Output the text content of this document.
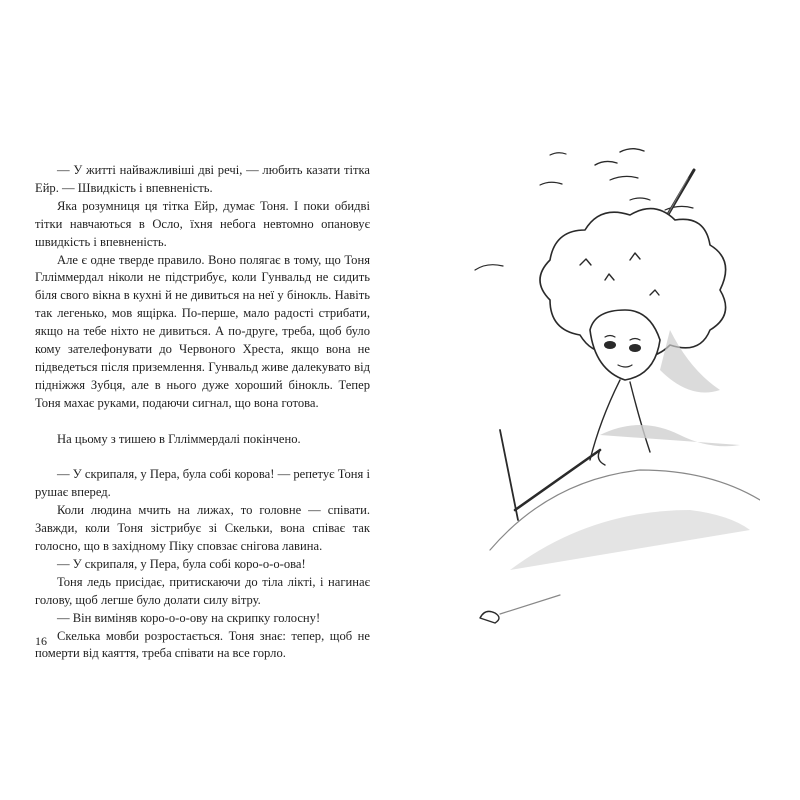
— У житті найважливіші дві речі, — любить казати тітка Ейр. — Швидкість і впевненість.

Яка розумниця ця тітка Ейр, думає Тоня. І поки обидві тітки навчаються в Осло, їхня небога невтомно опановує швидкість і впевненість.

Але є одне тверде правило. Воно полягає в тому, що Тоня Глліммердал ніколи не підстрибує, коли Гунвальд не сидить біля свого вікна в кухні й не дивиться на неї у бінокль. Навіть так легенько, мов ящірка. По-перше, мало радості стрибати, якщо на тебе ніхто не дивиться. А по-друге, треба, щоб було кому зателефонувати до Червоного Хреста, якщо вона не підведеться після приземлення. Гунвальд живе далекувато від підніжжя Зубця, але в нього дуже хороший бінокль. Тепер Тоня махає руками, подаючи сигнал, що вона готова.

На цьому з тишею в Глліммердалі покінчено.

— У скрипаля, у Пера, була собі корова! — репетує Тоня і рушає вперед.

Коли людина мчить на лижах, то головне — співати. Завжди, коли Тоня зістрибує зі Скельки, вона співає так голосно, що в західному Піку сповзає снігова лавина.

— У скрипаля, у Пера, була собі коро-о-о-ова!

Тоня ледь присідає, притискаючи до тіла лікті, і нагинає голову, щоб легше було долати силу вітру.

— Він виміняв коро-о-о-ову на скрипку голосну!

Скелька мовби розростається. Тоня знає: тепер, щоб не померти від каяття, треба співати на все горло.

16
